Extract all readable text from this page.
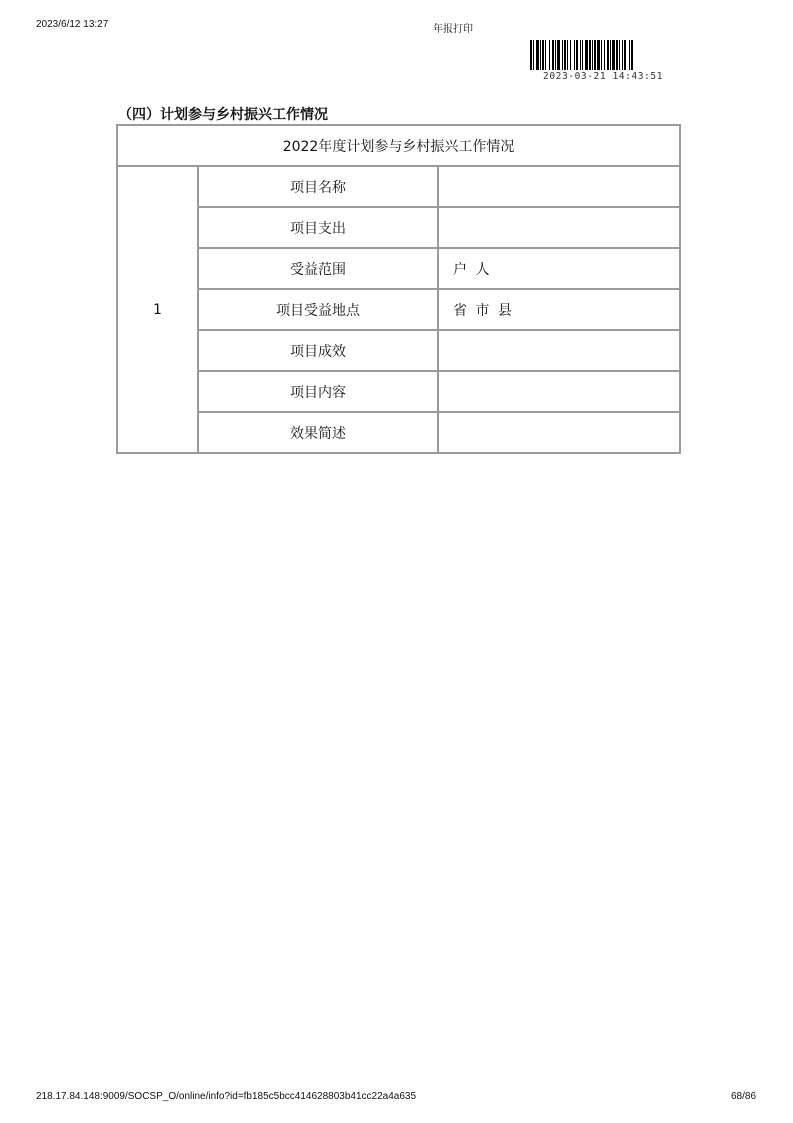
2023/6/12 13:27	年报打印
2023-03-21 14:43:51
（四）计划参与乡村振兴工作情况
2022年度计划参与乡村振兴工作情况		
1	项目名称	
	项目支出	
	受益范围	户 人
	项目受益地点	省 市 县
	项目成效	
	项目内容	
	效果简述	
218.17.84.148:9009/SOCSP_O/online/info?id=fb185c5bcc414628803b41cc22a4a635	68/86
